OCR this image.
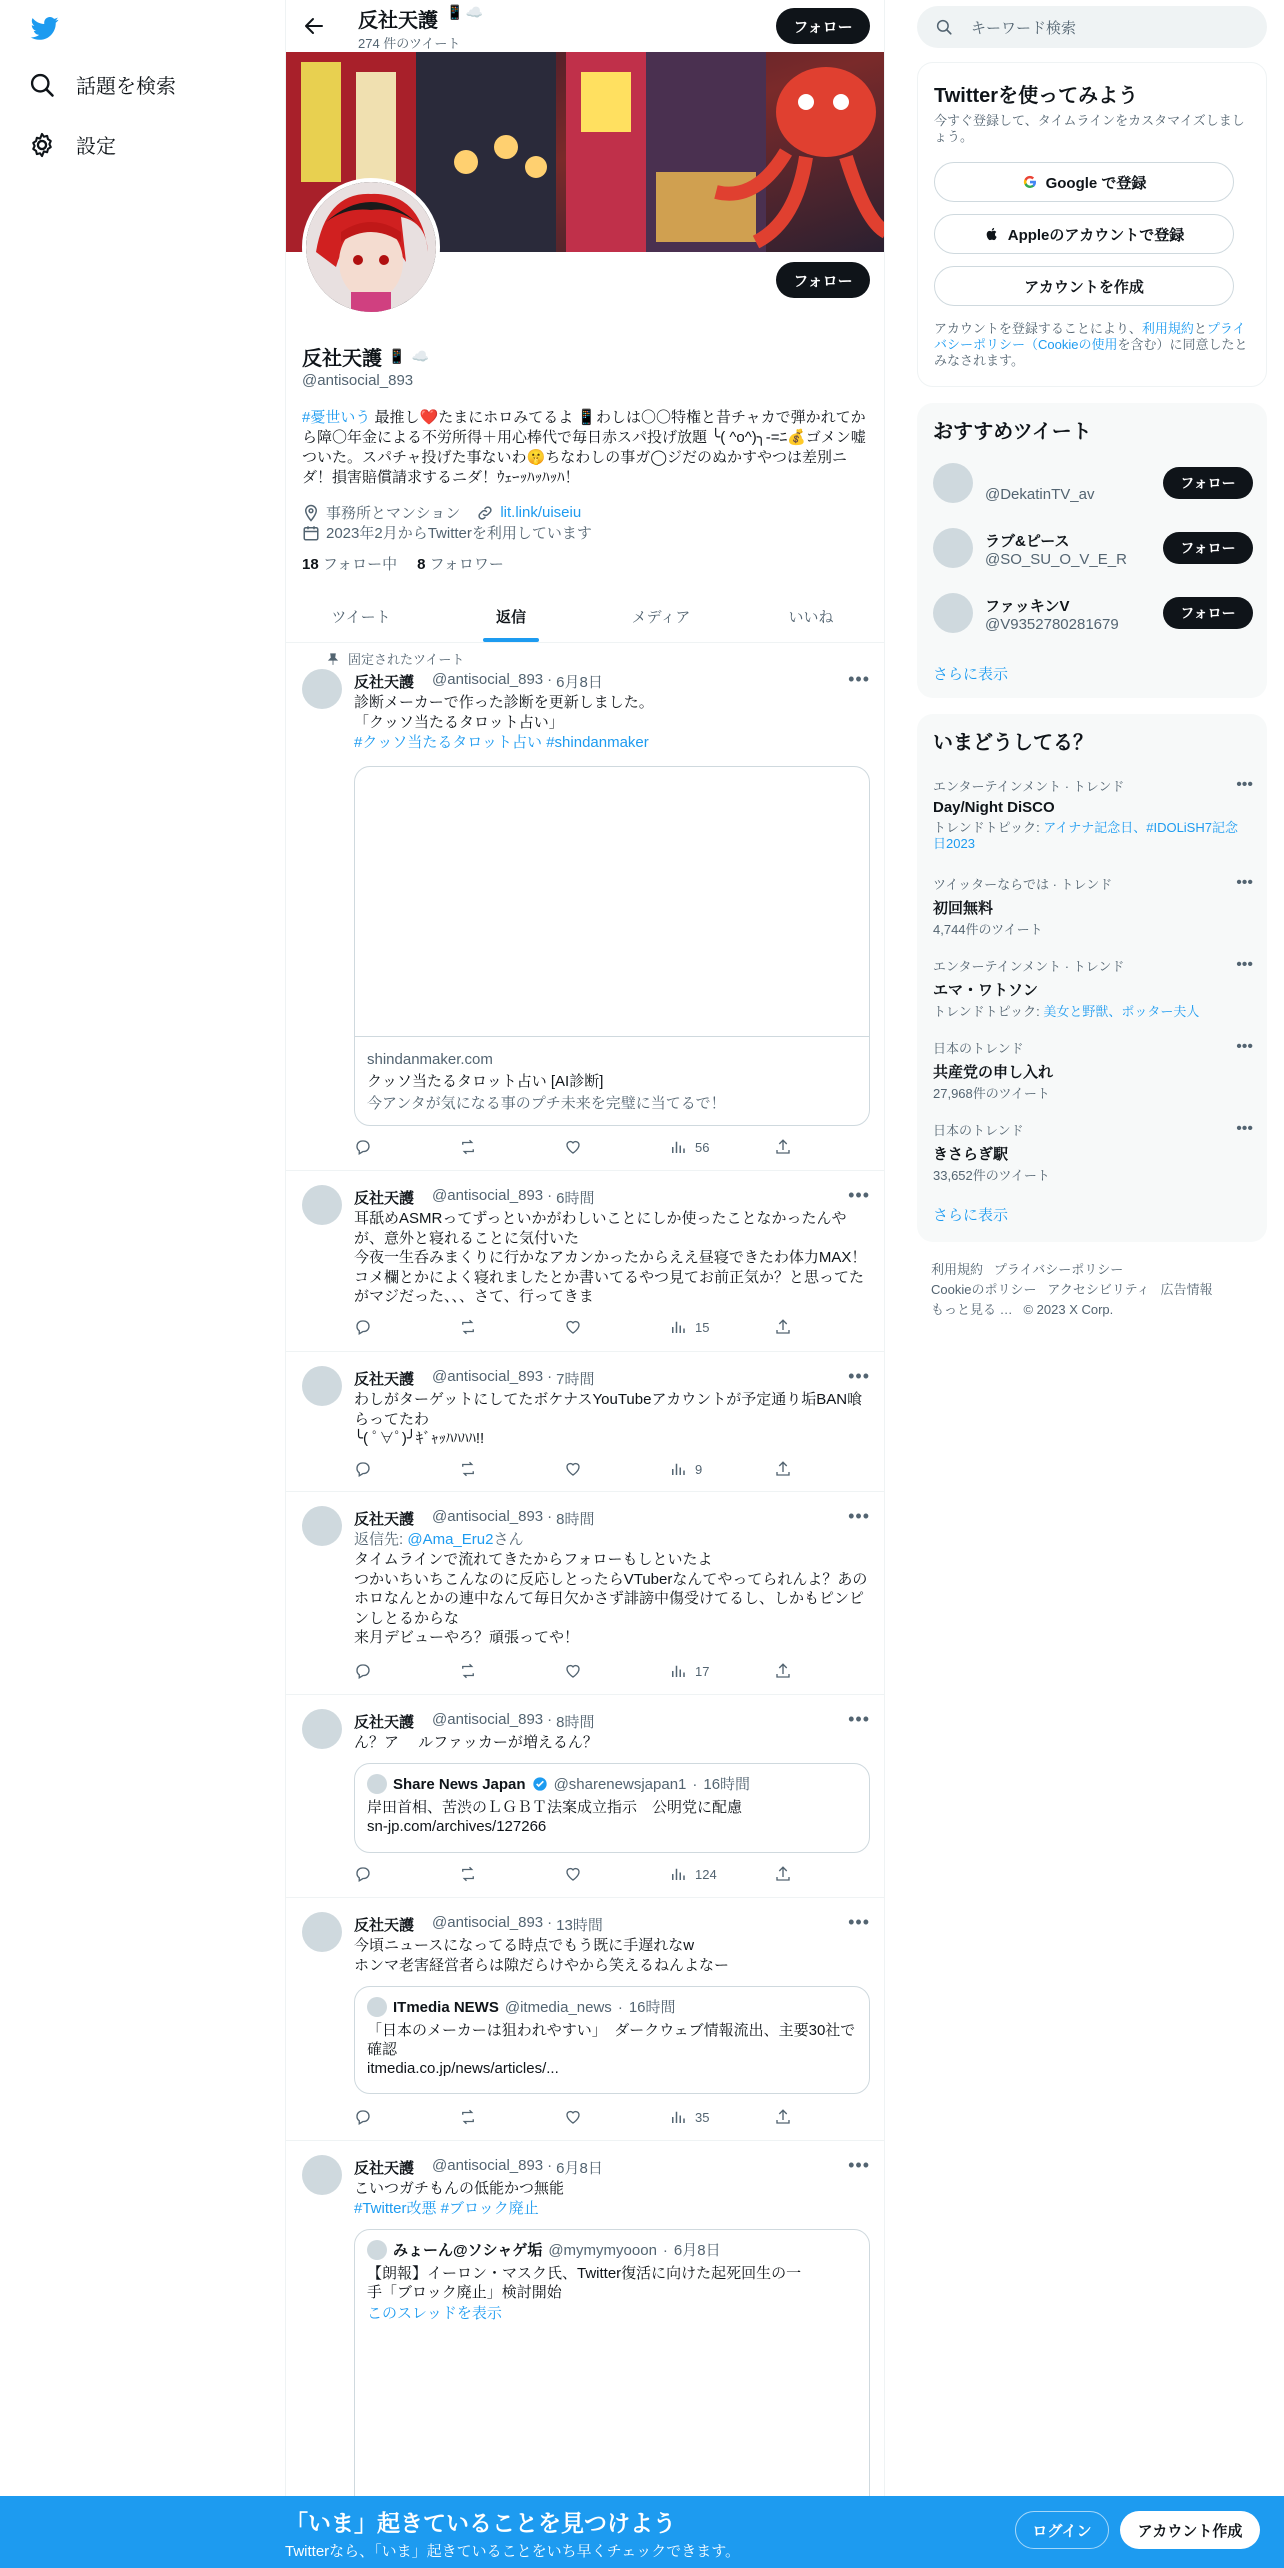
話題を検索
設定
反社天護 📱 ☁️
274 件のツイート
フォロー
フォロー
反社天護 📱 ☁️
@antisocial_893
#憂世いう 最推し❤️たまにホロみてるよ 📱わしは〇〇特権と昔チャカで弾かれてから障〇年金による不労所得＋用心棒代で毎日赤スパ投げ放題 ╰( ^o^)╮-=ﾆ💰ゴメン嘘ついた。スパチャ投げた事ないわ🤫ちなわしの事ガ◯ジだのぬかすやつは差別ニダ！損害賠償請求するニダ！ｳｪｰｯﾊｯﾊｯﾊ！
事務所とマンション	lit.link/uiseiu
2023年2月からTwitterを利用しています
18 フォロー中 8 フォロワー
ツイート	返信	メディア	いいね
固定されたツイート
反社天護 @antisocial_893 · 6月8日	•••
診断メーカーで作った診断を更新しました。
「クッソ当たるタロット占い」
#クッソ当たるタロット占い #shindanmaker
shindanmaker.com
クッソ当たるタロット占い [AI診断]
今アンタが気になる事のプチ未来を完璧に当てるで！
56
反社天護 @antisocial_893 · 6時間	•••
耳舐めASMRってずっといかがわしいことにしか使ったことなかったんやが、意外と寝れることに気付いた
今夜一生呑みまくりに行かなアカンかったからええ昼寝できたわ体力MAX！コメ欄とかによく寝れましたとか書いてるやつ見てお前正気か？と思ってたがマジだった、、、さて、行ってきま
15
反社天護 @antisocial_893 · 7時間	•••
わしがターゲットにしてたボケナスYouTubeアカウントが予定通り垢BAN喰らってたわ
╰( ﾟ∀ﾟ)╯ｷﾞｬｯﾊﾊﾊﾊ!!
9
反社天護 @antisocial_893 · 8時間	•••
返信先: @Ama_Eru2さん
タイムラインで流れてきたからフォローもしといたよ
つかいちいちこんなのに反応しとったらVTuberなんてやってられんよ？あのホロなんとかの連中なんて毎日欠かさず誹謗中傷受けてるし、しかもピンピンしとるからな
来月デビューやろ？頑張ってや！
17
反社天護 @antisocial_893 · 8時間	•••
ん？ア　 ルファッカーが増えるん？
Share News Japan @sharenewsjapan1 · 16時間
岸田首相、苦渋のＬＧＢＴ法案成立指示　公明党に配慮
sn-jp.com/archives/127266
124
反社天護 @antisocial_893 · 13時間	•••
今頃ニュースになってる時点でもう既に手遅れなw
ホンマ老害経営者らは隙だらけやから笑えるねんよなー
ITmedia NEWS @itmedia_news · 16時間
「日本のメーカーは狙われやすい」　ダークウェブ情報流出、主要30社で確認
itmedia.co.jp/news/articles/...
35
反社天護 @antisocial_893 · 6月8日	•••
こいつガチもんの低能かつ無能
#Twitter改悪 #ブロック廃止
みょーん@ソシャゲ垢 @mymymyooon · 6月8日
【朗報】イーロン・マスク氏、Twitter復活に向けた起死回生の一手「ブロック廃止」検討開始
このスレッドを表示
キーワード検索
Twitterを使ってみよう
今すぐ登録して、タイムラインをカスタマイズしましょう。
Google で登録
Appleのアカウントで登録
アカウントを作成
アカウントを登録することにより、利用規約とプライバシーポリシー（Cookieの使用を含む）に同意したとみなされます。
おすすめツイート
@DekatinTV_av
フォロー
ラブ&ピース
@SO_SU_O_V_E_R
フォロー
ファッキンV
@V9352780281679
フォロー
さらに表示
いまどうしてる？
エンターテインメント · トレンド
Day/Night DiSCO
トレンドトピック: アイナナ記念日、#IDOLiSH7記念日2023
•••
ツイッターならでは · トレンド
初回無料
4,744件のツイート
•••
エンターテインメント · トレンド
エマ・ワトソン
トレンドトピック: 美女と野獣、ポッター夫人
•••
日本のトレンド
共産党の申し入れ
27,968件のツイート
•••
日本のトレンド
きさらぎ駅
33,652件のツイート
•••
さらに表示
利用規約 プライバシーポリシー
Cookieのポリシー アクセシビリティ 広告情報
もっと見る … © 2023 X Corp.
「いま」起きていることを見つけよう
Twitterなら、「いま」起きていることをいち早くチェックできます。
ログイン	アカウント作成
